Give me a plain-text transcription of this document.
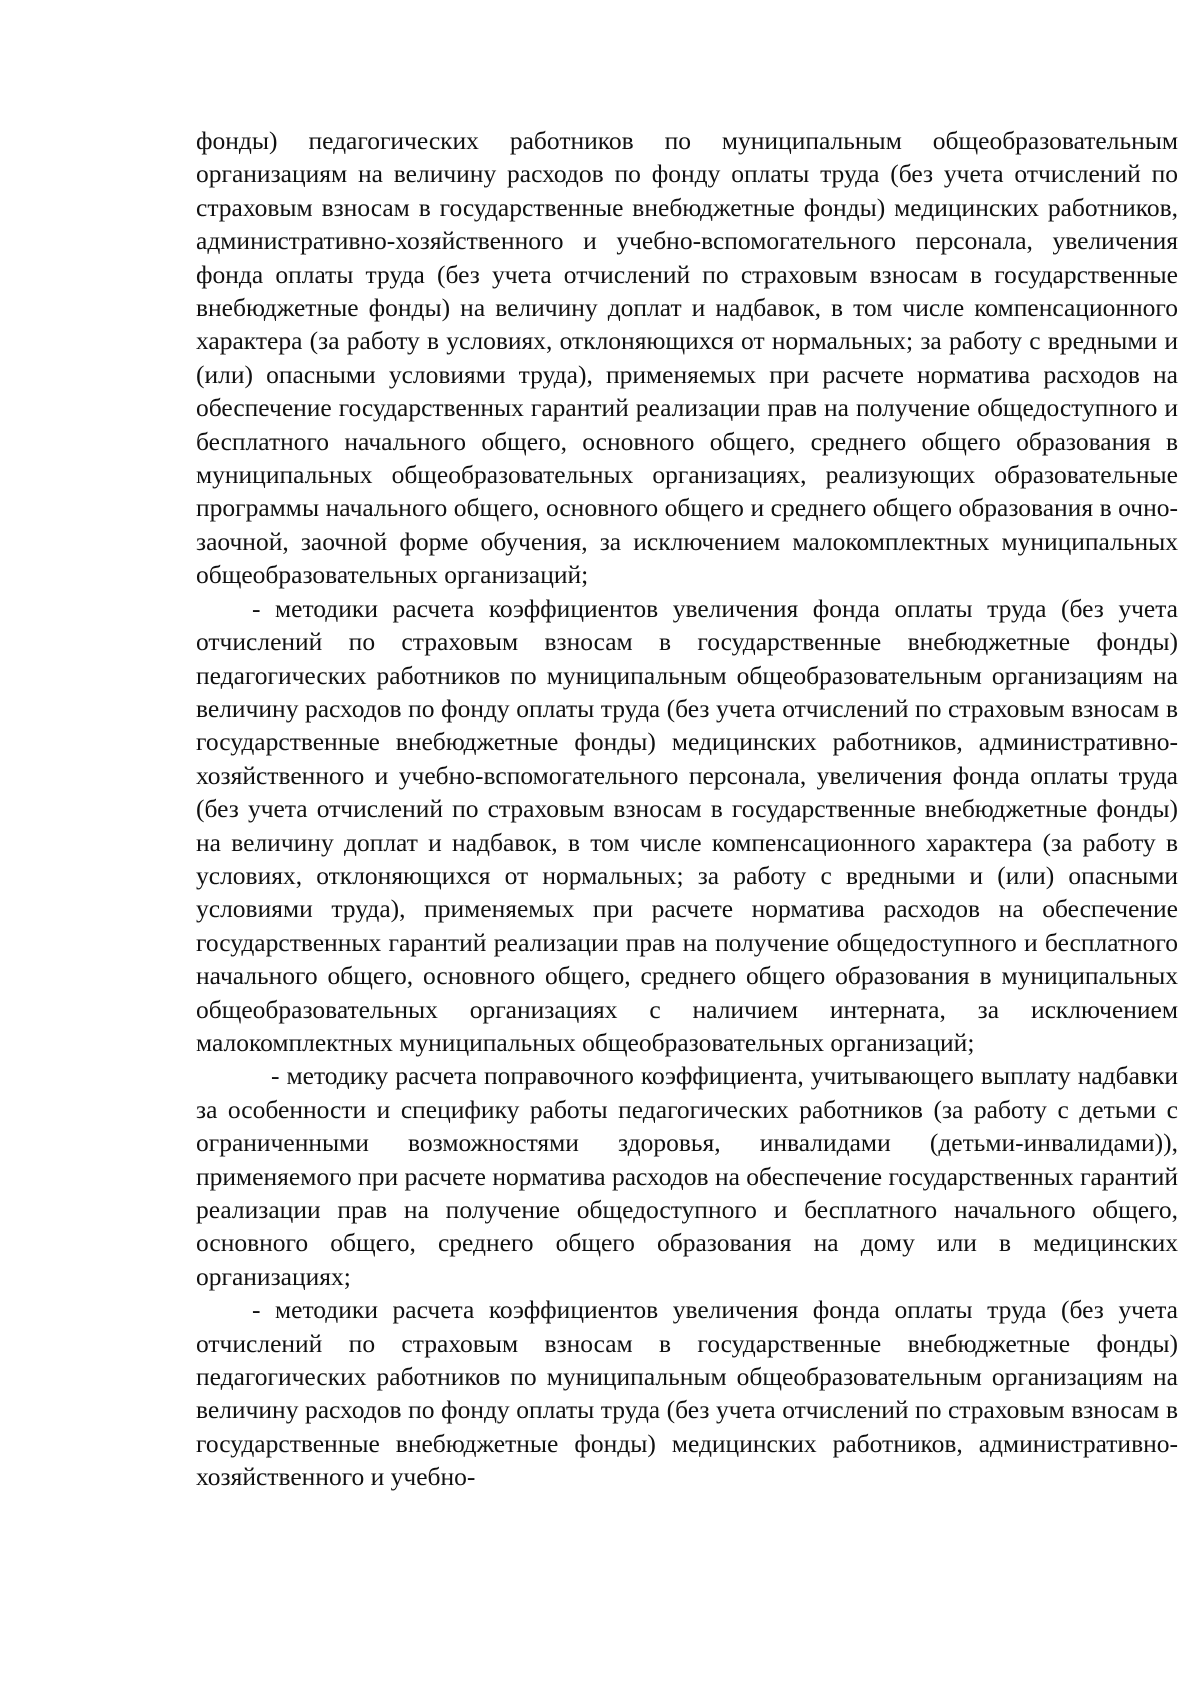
фонды) педагогических работников по муниципальным общеобразовательным организациям на величину расходов по фонду оплаты труда (без учета отчислений по страховым взносам в государственные внебюджетные фонды) медицинских работников, административно-хозяйственного и учебно-вспомогательного персонала, увеличения фонда оплаты труда (без учета отчислений по страховым взносам в государственные внебюджетные фонды) на величину доплат и надбавок, в том числе компенсационного характера (за работу в условиях, отклоняющихся от нормальных; за работу с вредными и (или) опасными условиями труда), применяемых при расчете норматива расходов на обеспечение государственных гарантий реализации прав на получение общедоступного и бесплатного начального общего, основного общего, среднего общего образования в муниципальных общеобразовательных организациях, реализующих образовательные программы начального общего, основного общего и среднего общего образования в очно-заочной, заочной форме обучения, за исключением малокомплектных муниципальных общеобразовательных организаций;

- методики расчета коэффициентов увеличения фонда оплаты труда (без учета отчислений по страховым взносам в государственные внебюджетные фонды) педагогических работников по муниципальным общеобразовательным организациям на величину расходов по фонду оплаты труда (без учета отчислений по страховым взносам в государственные внебюджетные фонды) медицинских работников, административно-хозяйственного и учебно-вспомогательного персонала, увеличения фонда оплаты труда (без учета отчислений по страховым взносам в государственные внебюджетные фонды) на величину доплат и надбавок, в том числе компенсационного характера (за работу в условиях, отклоняющихся от нормальных; за работу с вредными и (или) опасными условиями труда), применяемых при расчете норматива расходов на обеспечение государственных гарантий реализации прав на получение общедоступного и бесплатного начального общего, основного общего, среднего общего образования в муниципальных общеобразовательных организациях с наличием интерната, за исключением малокомплектных муниципальных общеобразовательных организаций;

- методику расчета поправочного коэффициента, учитывающего выплату надбавки за особенности и специфику работы педагогических работников (за работу с детьми с ограниченными возможностями здоровья, инвалидами (детьми-инвалидами)), применяемого при расчете норматива расходов на обеспечение государственных гарантий реализации прав на получение общедоступного и бесплатного начального общего, основного общего, среднего общего образования на дому или в медицинских организациях;

- методики расчета коэффициентов увеличения фонда оплаты труда (без учета отчислений по страховым взносам в государственные внебюджетные фонды) педагогических работников по муниципальным общеобразовательным организациям на величину расходов по фонду оплаты труда (без учета отчислений по страховым взносам в государственные внебюджетные фонды) медицинских работников, административно-хозяйственного и учебно-
